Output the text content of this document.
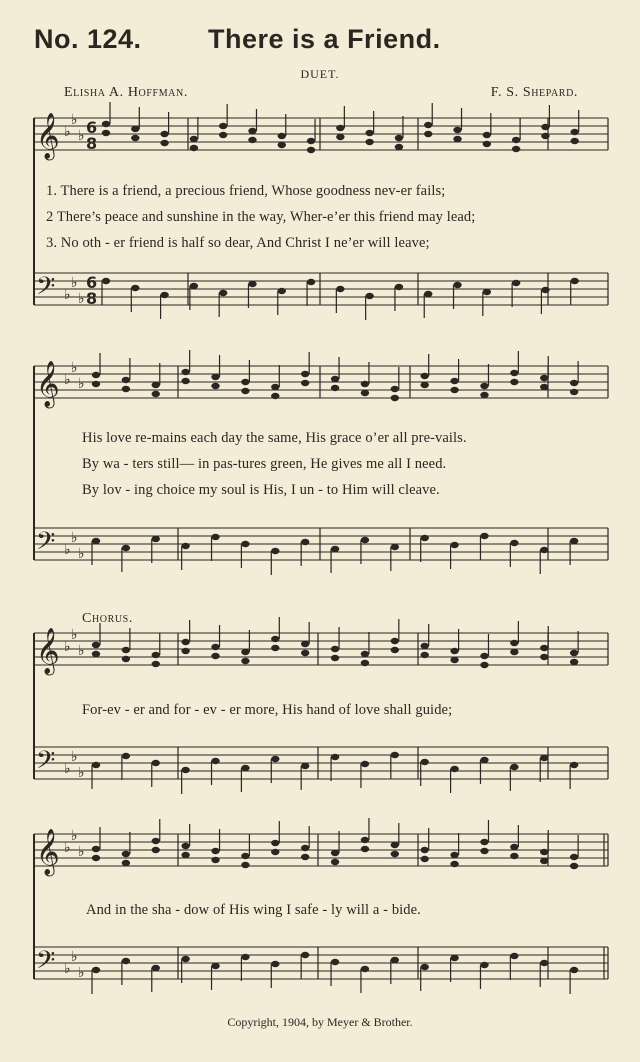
No. 124. There is a Friend.
DUET.
Elisha A. Hoffman.	F. S. Shepard.
𝄞 ♭
♭
♭ 6
8
𝄢 ♭
♭
♭
6
8
𝄞 ♭
♭
♭
𝄢 ♭
♭
♭
𝄞 ♭
♭
♭
𝄢 ♭
♭
♭
𝄞 ♭
♭
♭
𝄢 ♭
♭
♭
1. There is a friend, a precious friend, Whose goodness nev-er fails;
2 There’s peace and sunshine in the way, Wher-e’er this friend may lead;
3. No oth - er friend is half so dear, And Christ I ne’er will leave;
His love re-mains each day the same, His grace o’er all pre-vails.
By wa - ters still— in pas-tures green, He gives me all I need.
By lov - ing choice my soul is His, I un - to Him will cleave.
Chorus.
For-ev - er and for - ev - er more, His hand of love shall guide;
And in the sha - dow of His wing I safe - ly will a - bide.
Copyright, 1904, by Meyer & Brother.
